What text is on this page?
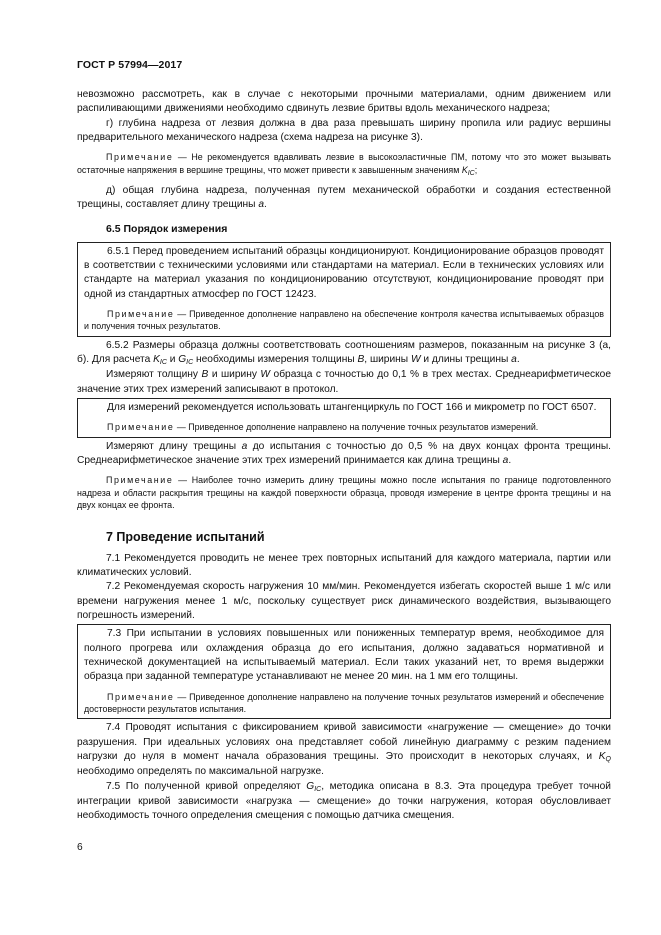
ГОСТ Р 57994—2017

невозможно рассмотреть, как в случае с некоторыми прочными материалами, одним движением или распиливающими движениями необходимо сдвинуть лезвие бритвы вдоль механического надреза;

г) глубина надреза от лезвия должна в два раза превышать ширину пропила или радиус вершины предварительного механического надреза (схема надреза на рисунке 3).

Примечание — Не рекомендуется вдавливать лезвие в высокоэластичные ПМ, потому что это может вызывать остаточные напряжения в вершине трещины, что может привести к завышенным значениям $K_{IC}$;

д) общая глубина надреза, полученная путем механической обработки и создания естественной трещины, составляет длину трещины a.

6.5 Порядок измерения

6.5.1 Перед проведением испытаний образцы кондиционируют. Кондиционирование образцов проводят в соответствии с техническими условиями или стандартами на материал. Если в технических условиях или стандарте на материал указания по кондиционированию отсутствуют, кондиционирование проводят при одной из стандартных атмосфер по ГОСТ 12423.

Примечание — Приведенное дополнение направлено на обеспечение контроля качества испытываемых образцов и получения точных результатов.

6.5.2 Размеры образца должны соответствовать соотношениям размеров, показанным на рисунке 3 (а, б). Для расчета KIC и GIC необходимы измерения толщины B, ширины W и длины трещины a.

Измеряют толщину B и ширину W образца с точностью до 0,1 % в трех местах. Среднеарифметическое значение этих трех измерений записывают в протокол.

Для измерений рекомендуется использовать штангенциркуль по ГОСТ 166 и микрометр по ГОСТ 6507.

Примечание — Приведенное дополнение направлено на получение точных результатов измерений.

Измеряют длину трещины a до испытания с точностью до 0,5 % на двух концах фронта трещины. Среднеарифметическое значение этих трех измерений принимается как длина трещины a.

Примечание — Наиболее точно измерить длину трещины можно после испытания по границе подготовленного надреза и области раскрытия трещины на каждой поверхности образца, проводя измерение в центре фронта трещины и на двух концах ее фронта.

7 Проведение испытаний

7.1 Рекомендуется проводить не менее трех повторных испытаний для каждого материала, партии или климатических условий.

7.2 Рекомендуемая скорость нагружения 10 мм/мин. Рекомендуется избегать скоростей выше 1 м/с или времени нагружения менее 1 м/с, поскольку существует риск динамического воздействия, вызывающего погрешность измерений.

7.3 При испытании в условиях повышенных или пониженных температур время, необходимое для полного прогрева или охлаждения образца до его испытания, должно задаваться нормативной и технической документацией на испытываемый материал. Если таких указаний нет, то время выдержки образца при заданной температуре устанавливают не менее 20 мин. на 1 мм его толщины.

Примечание — Приведенное дополнение направлено на получение точных результатов измерений и обеспечение достоверности результатов испытания.

7.4 Проводят испытания с фиксированием кривой зависимости «нагружение — смещение» до точки разрушения. При идеальных условиях она представляет собой линейную диаграмму с резким падением нагрузки до нуля в момент начала образования трещины. Это происходит в некоторых случаях, и KQ необходимо определять по максимальной нагрузке.

7.5 По полученной кривой определяют GIC, методика описана в 8.3. Эта процедура требует точной интеграции кривой зависимости «нагрузка — смещение» до точки нагружения, которая обусловливает необходимость точного определения смещения с помощью датчика смещения.

6
